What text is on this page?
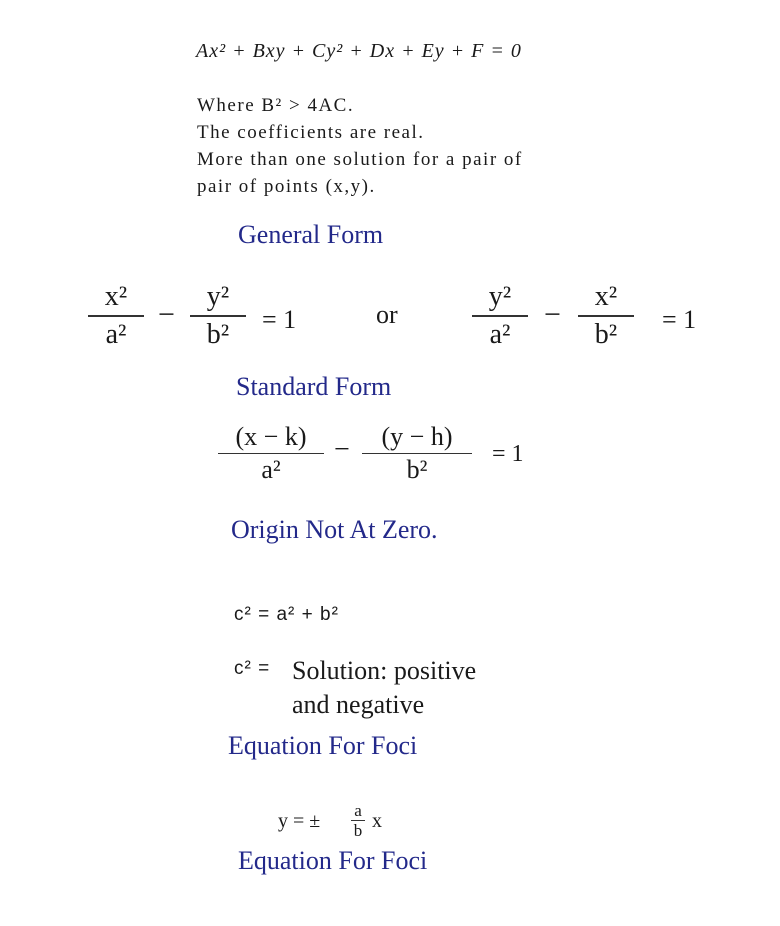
Ax² + Bxy + Cy² + Dx + Ey + F = 0
Where B² > 4AC.
The coefficients are real.
More than one solution for a pair of
pair of points (x,y).
General Form
x²
a²
−
y²
b² = 1	or
y²
a²
−
x²
b² = 1
Standard Form
(x − k)
a²
− (y − h)
b²
= 1
Origin Not At Zero.
c² = a² + b²
c² = Solution: positive
and negative
Equation For Foci
y = ± a
b x
Equation For Foci
